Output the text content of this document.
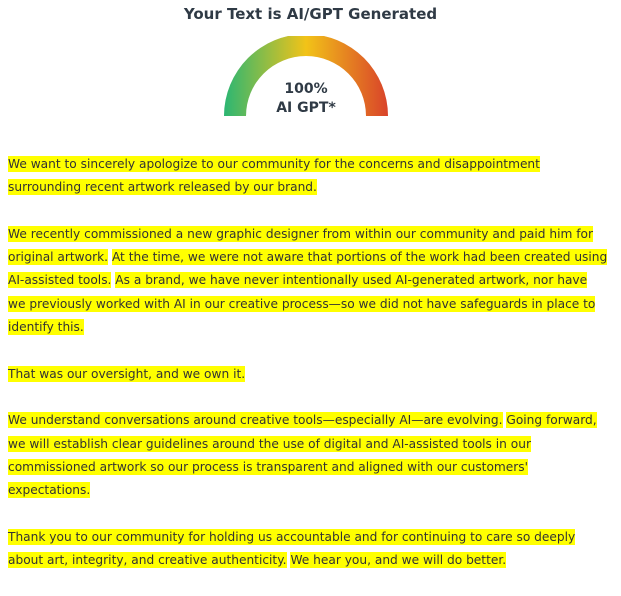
Your Text is AI/GPT Generated
100%
AI GPT*

We want to sincerely apologize to our community for the concerns and disappointment surrounding recent artwork released by our brand.

We recently commissioned a new graphic designer from within our community and paid him for original artwork. At the time, we were not aware that portions of the work had been created using AI-assisted tools. As a brand, we have never intentionally used AI-generated artwork, nor have we previously worked with AI in our creative process—so we did not have safeguards in place to identify this.

That was our oversight, and we own it.

We understand conversations around creative tools—especially AI—are evolving. Going forward, we will establish clear guidelines around the use of digital and AI-assisted tools in our commissioned artwork so our process is transparent and aligned with our customers' expectations.

Thank you to our community for holding us accountable and for continuing to care so deeply about art, integrity, and creative authenticity. We hear you, and we will do better.
